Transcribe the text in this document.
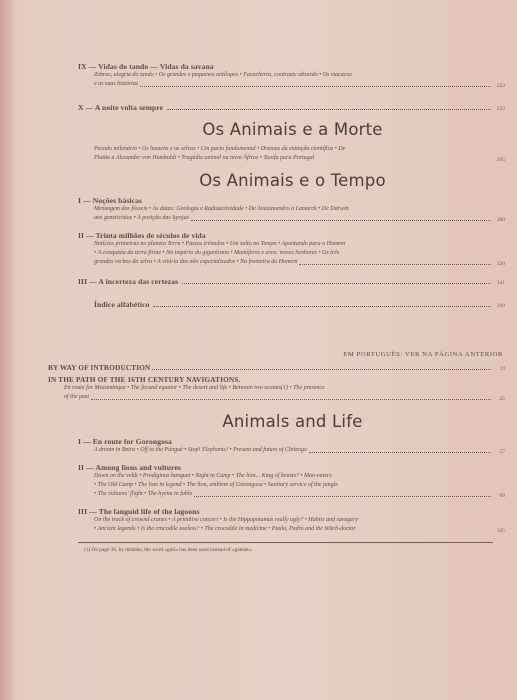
IX — Vidas do tando — Vidas da savana
Zebras, alegria do tando • Os grandes e pequenos antílopes • Facocheros, contraste absurdo • Os macacos
e as suas histórias	223
X — A noite volta sempre	233
Os Animais e a Morte
Pecado milenário • Os homens e as selvas • Um pacto fundamental • Dramas da extinção científica • De
Platão a Alexander von Humboldt • Tragédia animal na nova África • Tarefa para Portugal	285
Os Animais e o Tempo
I — Noções básicas
Mensagem dos fósseis • As datas: Geologia e Radioactividade • De Anaximandro a Lamarck • De Darwin
aos geneticistas • A posição das Igrejas	300
II — Trinta milhões de séculos de vida
Notícias primeiras no planeta Terra • Passos trémulos • Um salto no Tempo • Apontando para o Homem
• A conquista da terra firme • No império do gigantismo • Mamíferos e aves: novos Senhores • Os três
grandes verbos da selva • A vitória dos não especializados • Na fronteira do Homem	320
III — A incerteza das certezas	341
Índice alfabético	349
EM PORTUGUÊS: VER NA PÁGINA ANTERIOR
BY WAY OF INTRODUCTION	19
IN THE PATH OF THE 16TH CENTURY NAVIGATIONS.
En route for Mozambique • The fecund equator • The desert and life • Between two oceans(1) • The presence
of the past	25
Animals and Life
I — En route for Gorongosa
A dream in Beira • Off to the Púnguè • Stop! Elephants! • Present and future of Chitengo	57
II — Among lions and vultures
Dawn on the veldt • Prodigious banquet • Night in Camp • The lion... King of beasts? • Man-eaters
• The Old Camp • The lion in legend • The lion, emblem of Gorongosa • Sanitary service of the jungle
• The vultures' flight • The hyena in fable	69
III — The languid life of the lagoons
On the track of crownd cranes • A primitive concert • Is the Hippopotamus really ugly? • Habits and savagery
• Ancient legends • Is the crocodile useless? • The crocodile in medicine • Paulo, Pedro and the Witch-doctor	105
(1) On page 36, by mistake, the word «gull» has been used instead of «gannet».
